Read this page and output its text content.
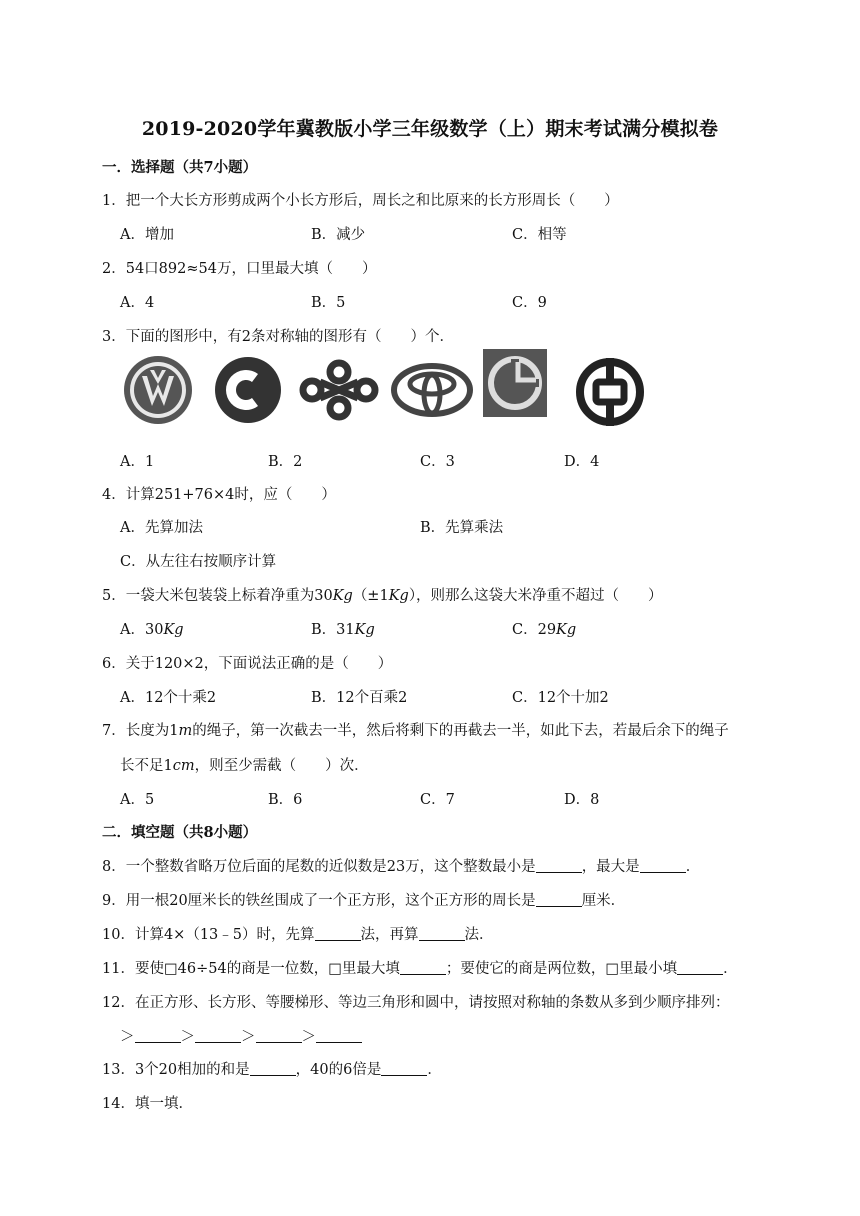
2019-2020学年冀教版小学三年级数学（上）期末考试满分模拟卷
一．选择题（共7小题）
1．把一个大长方形剪成两个小长方形后，周长之和比原来的长方形周长（　　）
A．增加	B．减少	C．相等
2．54口892≈54万，口里最大填（　　）
A．4	B．5	C．9
3．下面的图形中，有2条对称轴的图形有（　　）个．
A．1	B．2	C．3	D．4
4．计算251+76×4时，应（　　）
A．先算加法	B．先算乘法
C．从左往右按顺序计算
5．一袋大米包装袋上标着净重为30Kg（±1Kg），则那么这袋大米净重不超过（　　）
A．30Kg	B．31Kg	C．29Kg
6．关于120×2，下面说法正确的是（　　）
A．12个十乘2	B．12个百乘2	C．12个十加2
7．长度为1m的绳子，第一次截去一半，然后将剩下的再截去一半，如此下去，若最后余下的绳子
长不足1cm，则至少需截（　　）次．
A．5	B．6	C．7	D．8
二．填空题（共8小题）
8．一个整数省略万位后面的尾数的近似数是23万，这个整数最小是	，最大是	．
9．用一根20厘米长的铁丝围成了一个正方形，这个正方形的周长是	厘米．
10．计算4×（13﹣5）时，先算	法，再算	法．
11．要使□46÷54的商是一位数，□里最大填	；要使它的商是两位数，□里最小填	．
12．在正方形、长方形、等腰梯形、等边三角形和圆中，请按照对称轴的条数从多到少顺序排列：
＞	＞	＞	＞
13．3个20相加的和是	，40的6倍是	．
14．填一填．
